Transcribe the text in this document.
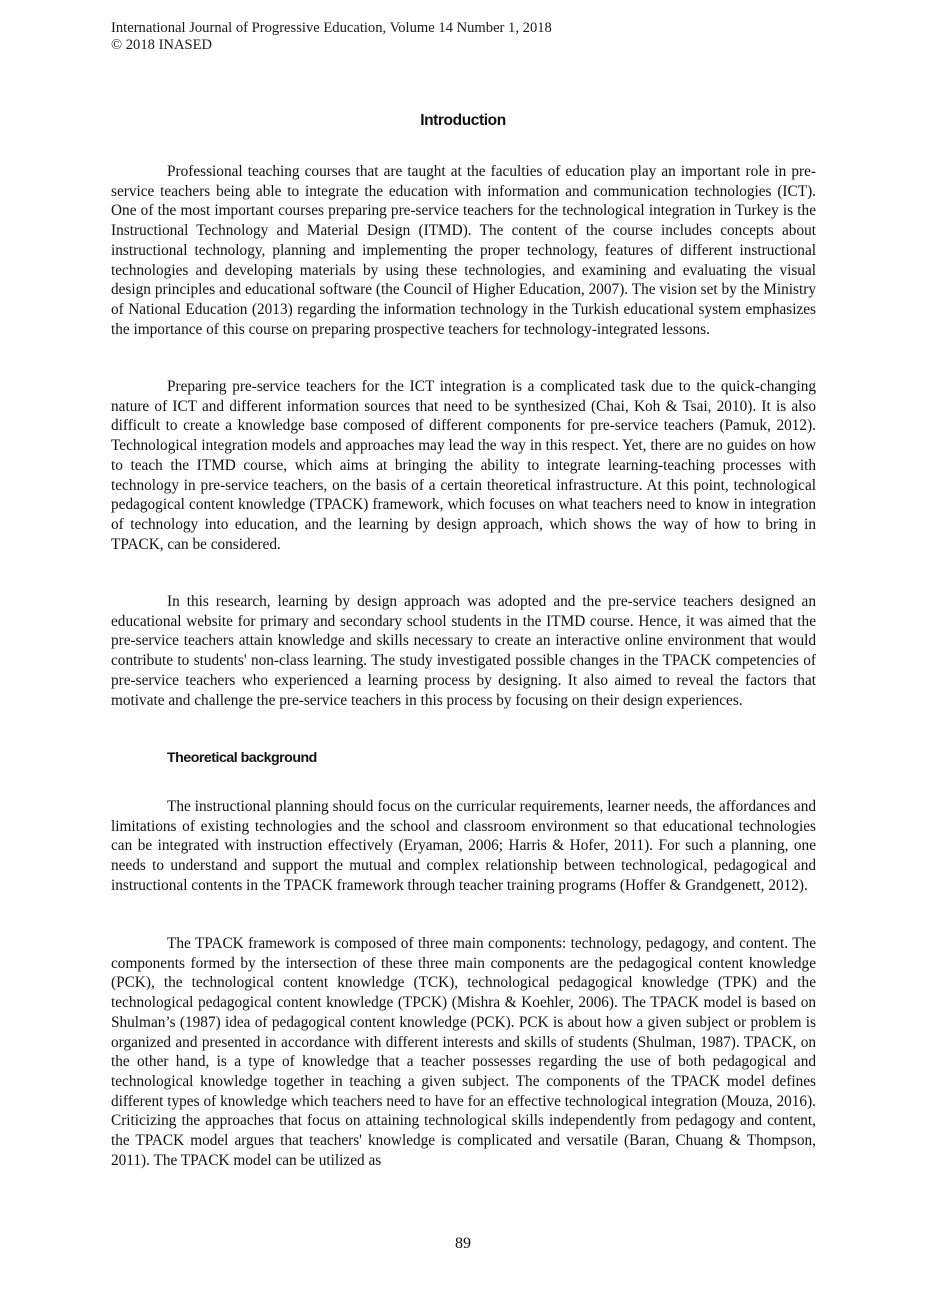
International Journal of Progressive Education, Volume 14 Number 1, 2018
© 2018 INASED
Introduction

Professional teaching courses that are taught at the faculties of education play an important role in pre-service teachers being able to integrate the education with information and communication technologies (ICT). One of the most important courses preparing pre-service teachers for the technological integration in Turkey is the Instructional Technology and Material Design (ITMD). The content of the course includes concepts about instructional technology, planning and implementing the proper technology, features of different instructional technologies and developing materials by using these technologies, and examining and evaluating the visual design principles and educational software (the Council of Higher Education, 2007). The vision set by the Ministry of National Education (2013) regarding the information technology in the Turkish educational system emphasizes the importance of this course on preparing prospective teachers for technology-integrated lessons.

Preparing pre-service teachers for the ICT integration is a complicated task due to the quick-changing nature of ICT and different information sources that need to be synthesized (Chai, Koh & Tsai, 2010). It is also difficult to create a knowledge base composed of different components for pre-service teachers (Pamuk, 2012). Technological integration models and approaches may lead the way in this respect. Yet, there are no guides on how to teach the ITMD course, which aims at bringing the ability to integrate learning-teaching processes with technology in pre-service teachers, on the basis of a certain theoretical infrastructure. At this point, technological pedagogical content knowledge (TPACK) framework, which focuses on what teachers need to know in integration of technology into education, and the learning by design approach, which shows the way of how to bring in TPACK, can be considered.

In this research, learning by design approach was adopted and the pre-service teachers designed an educational website for primary and secondary school students in the ITMD course. Hence, it was aimed that the pre-service teachers attain knowledge and skills necessary to create an interactive online environment that would contribute to students' non-class learning. The study investigated possible changes in the TPACK competencies of pre-service teachers who experienced a learning process by designing. It also aimed to reveal the factors that motivate and challenge the pre-service teachers in this process by focusing on their design experiences.

Theoretical background

The instructional planning should focus on the curricular requirements, learner needs, the affordances and limitations of existing technologies and the school and classroom environment so that educational technologies can be integrated with instruction effectively (Eryaman, 2006; Harris & Hofer, 2011). For such a planning, one needs to understand and support the mutual and complex relationship between technological, pedagogical and instructional contents in the TPACK framework through teacher training programs (Hoffer & Grandgenett, 2012).

The TPACK framework is composed of three main components: technology, pedagogy, and content. The components formed by the intersection of these three main components are the pedagogical content knowledge (PCK), the technological content knowledge (TCK), technological pedagogical knowledge (TPK) and the technological pedagogical content knowledge (TPCK) (Mishra & Koehler, 2006). The TPACK model is based on Shulman’s (1987) idea of pedagogical content knowledge (PCK). PCK is about how a given subject or problem is organized and presented in accordance with different interests and skills of students (Shulman, 1987). TPACK, on the other hand, is a type of knowledge that a teacher possesses regarding the use of both pedagogical and technological knowledge together in teaching a given subject. The components of the TPACK model defines different types of knowledge which teachers need to have for an effective technological integration (Mouza, 2016). Criticizing the approaches that focus on attaining technological skills independently from pedagogy and content, the TPACK model argues that teachers' knowledge is complicated and versatile (Baran, Chuang & Thompson, 2011). The TPACK model can be utilized as

89
